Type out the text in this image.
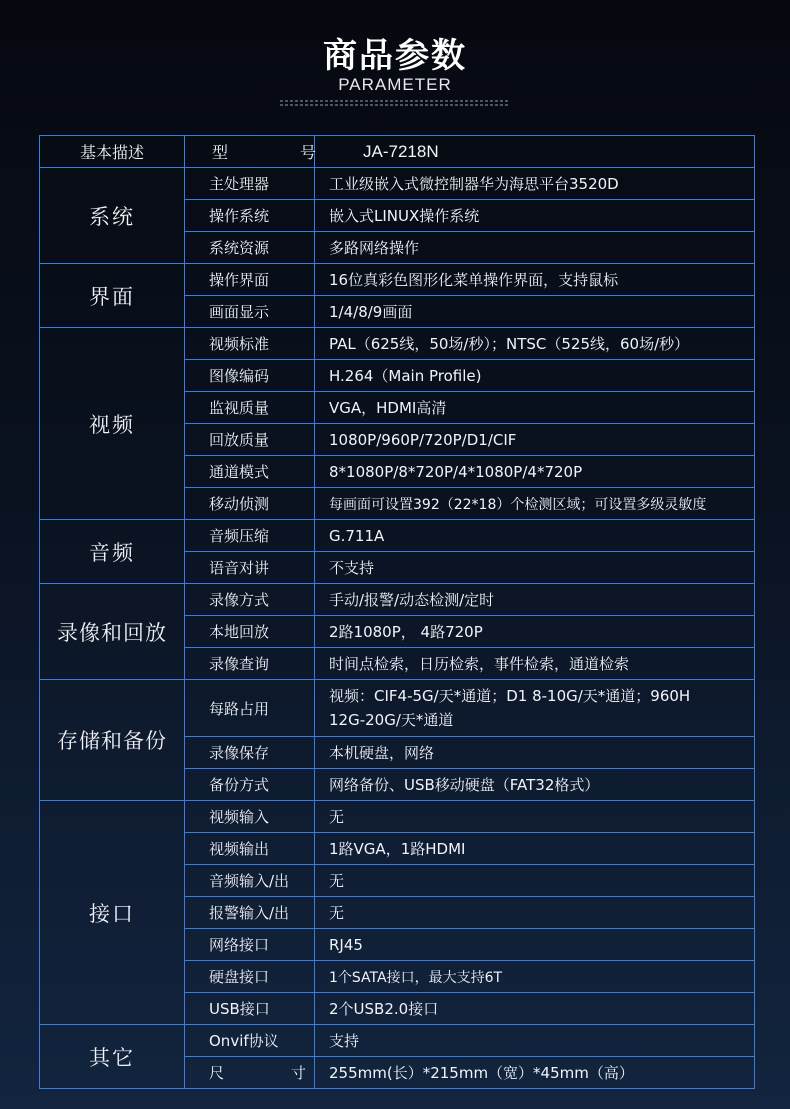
商品参数
PARAMETER
基本描述	型　号	JA-7218N
系统	主处理器	工业级嵌入式微控制器华为海思平台3520D
	操作系统	嵌入式LINUX操作系统
	系统资源	多路网络操作
界面	操作界面	16位真彩色图形化菜单操作界面，支持鼠标
	画面显示	1/4/8/9画面
视频	视频标准	PAL（625线，50场/秒）；NTSC（525线，60场/秒）
	图像编码	H.264（Main Profile)
	监视质量	VGA，HDMI高清
	回放质量	1080P/960P/720P/D1/CIF
	通道模式	8*1080P/8*720P/4*1080P/4*720P
	移动侦测	每画面可设置392（22*18）个检测区域；可设置多级灵敏度
音频	音频压缩	G.711A
	语音对讲	不支持
录像和回放	录像方式	手动/报警/动态检测/定时
	本地回放	2路1080P， 4路720P
	录像查询	时间点检索，日历检索，事件检索，通道检索
存储和备份	每路占用	视频：CIF4-5G/天*通道；D1 8-10G/天*通道；960H 12G-20G/天*通道
	录像保存	本机硬盘，网络
	备份方式	网络备份、USB移动硬盘（FAT32格式）
接口	视频输入	无
	视频输出	1路VGA，1路HDMI
	音频输入/出	无
	报警输入/出	无
	网络接口	RJ45
	硬盘接口	1个SATA接口，最大支持6T
	USB接口	2个USB2.0接口
其它	Onvif协议	支持
	尺　寸	255mm(长）*215mm（宽）*45mm（高）
